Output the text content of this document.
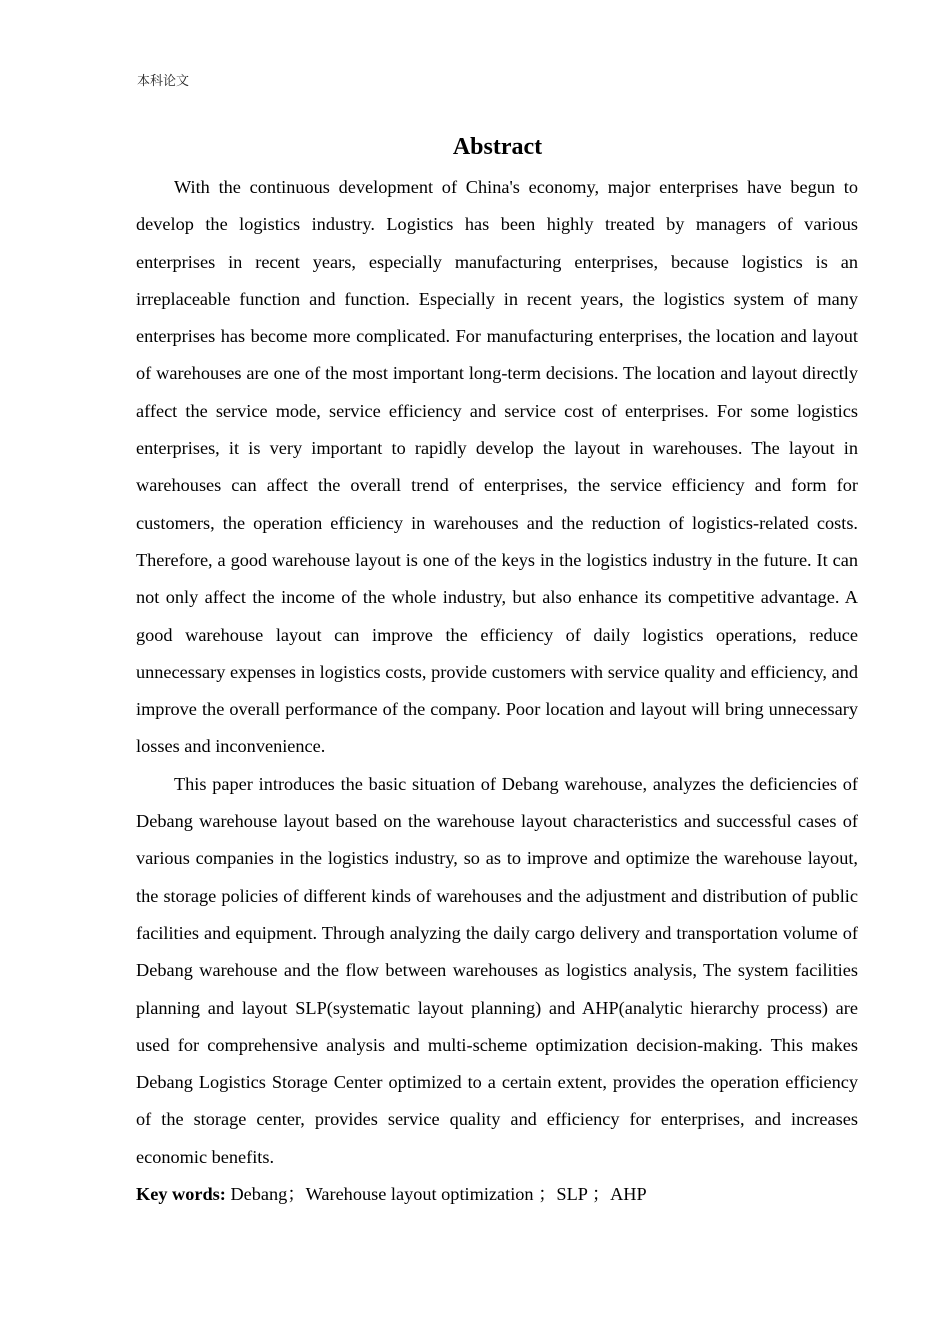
本科论文
Abstract

With the continuous development of China's economy, major enterprises have begun to develop the logistics industry. Logistics has been highly treated by managers of various enterprises in recent years, especially manufacturing enterprises, because logistics is an irreplaceable function and function. Especially in recent years, the logistics system of many enterprises has become more complicated. For manufacturing enterprises, the location and layout of warehouses are one of the most important long-term decisions. The location and layout directly affect the service mode, service efficiency and service cost of enterprises. For some logistics enterprises, it is very important to rapidly develop the layout in warehouses. The layout in warehouses can affect the overall trend of enterprises, the service efficiency and form for customers, the operation efficiency in warehouses and the reduction of logistics-related costs. Therefore, a good warehouse layout is one of the keys in the logistics industry in the future. It can not only affect the income of the whole industry, but also enhance its competitive advantage. A good warehouse layout can improve the efficiency of daily logistics operations, reduce unnecessary expenses in logistics costs, provide customers with service quality and efficiency, and improve the overall performance of the company. Poor location and layout will bring unnecessary losses and inconvenience.

This paper introduces the basic situation of Debang warehouse, analyzes the deficiencies of Debang warehouse layout based on the warehouse layout characteristics and successful cases of various companies in the logistics industry, so as to improve and optimize the warehouse layout, the storage policies of different kinds of warehouses and the adjustment and distribution of public facilities and equipment. Through analyzing the daily cargo delivery and transportation volume of Debang warehouse and the flow between warehouses as logistics analysis, The system facilities planning and layout SLP(systematic layout planning) and AHP(analytic hierarchy process) are used for comprehensive analysis and multi-scheme optimization decision-making. This makes Debang Logistics Storage Center optimized to a certain extent, provides the operation efficiency of the storage center, provides service quality and efficiency for enterprises, and increases economic benefits.

Key words: Debang；Warehouse layout optimization ；SLP ；AHP
